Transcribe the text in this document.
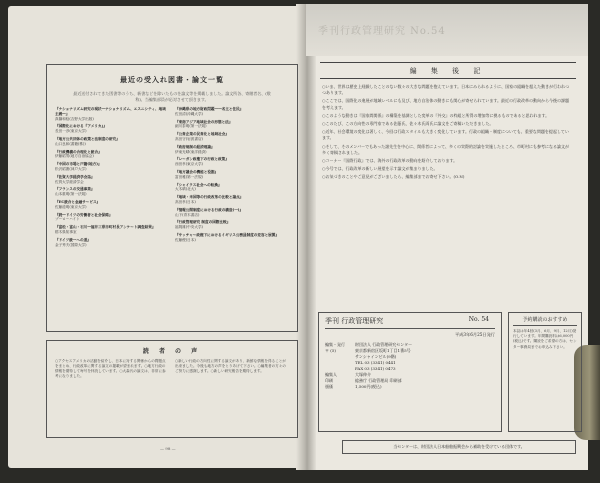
最近の受入れ図書・論文一覧
最近送付されてきた図書等のうち、新書などを除いたものを論文等を掲載しました。論文所各、寄贈者名、(敬称)、当編集部員が応対させて頂きます。
『ナショナリズム研究の現状―ナショナリズム、エスニシティ、地域主義―』
真鍋和稔(吉野大学出版)
『国際化における『アメリカ』』
長田一彦(東京大学)
『地方公共団体の政策と法制度の研究』
山口良和(書籍(株))
『行政機構の合理化と統合』
伊藤昭男(地方自治協会)
『中国の市場と戸籍(地方)』
松沢昭憲(神戸大学)
『佐賀大学経済学会誌』
佐賀大学経済学会
『フランスの交通事業』
山本重明(第一法規)
『EC統合と金融サービス』
佐藤道明(東京大学)
『続―ドイツの労働者と社会保障』
ブーローハイト
『富松・富山・石川―福井三県市町村長アンケート調査結果』
栃木県知事室
『ドイツ統一への道』
金子秀夫(国際大学)
『沖縄県の地方財政問題――名主と住民』
佐田清(沖縄大学)
『東南アジア地域社会の形態と法』
細川泰明(第一法規)
『公営企業の民営化と地域社会』
高田守(岩波書店)
『政府規制の経済理論』
伊東光晴(東洋経済)
『レーガン政権下の行政と政策』
西田孝(東京大学)
『地方議会の機能と役割』
富田雅(第一法規)
『シャイクス社会への転換』
大木晴(北大)
『地域・米国等の行政改革の比較と論点』
高田孝(日本)
『情報公開制度における行政の構造(一)』
山下(青木書店)
『行政管理研究 制度の国際比較』
福岡雄(中央大学)
『サッチャー政権下におけるイギリス公務員制度の変容と展開』
佐藤俊(日本)
読 者 の 声
○アクセスアメリカの活動を紹介し、日本に対する関係からの問題点をまとめ、行政改革に関する論文の掲載が望まれます。○地方行政の情報を期待して毎号を拝読しています。○大森氏の論文は、非常に参考になりました。
○新しい行政の方向性に関する論文があり、新鮮な情報を得ることが出来ました。今後も地方の声をとりあげて下さい。○編集者の方々のご努力に感謝します。○新しい研究報告を期待します。
— 98 —
季刊行政管理研究 No.54
編 集 後 記

○いま、世界は歴史上経験したことのない数々の大きな問題を抱えています。日本にみられるように、国家の組織を超えた動きが行われつつあります。

○ここでは、国際化の進展が地域レベルにも及び、地方自治体の動きにも関心が寄せられています。最近の行政改革の動向から今後の課題を考えます。

○このような動きは『国家間関係』の構築を基調とした変革の『外交』の枠組と所得の増加等に拠るものであると思われます。

○このたび、この方向性の専門家である佐藤氏、佐々木氏両氏に論文をご寄稿いただきました。

○近年、社会環境の変化は著しく、今回は行政スタイルも大きく変化しています。行政の組織・制度についても、重要な問題を提起しています。

○そして、そのメンバーでもあった諸先生を中心に、関係者によって、多くの実際的討論を実施したところ、市町村にも参考になる論文が多く寄稿されました。

○コーナー『国際行政』では、海外の行政改革の動向を紹介しております。

○今号では、行政改革の新しい展望を示す論文が集まりました。

○お気づきのことやご意見がございましたら、編集部までお寄せ下さい。(O.N)

季刊 行政管理研究	No. 54
平成3年6月25日発行
編集・発行	財団法人 行政管理研究センター
〒 (5)	東京都新宿区坂町1丁目1番5号
サンシャインビル(9階)
TEL 03 (3341) 0441
FAX 03 (3341) 0473
編集人	大塚伸介
印刷	総務庁 行政管理局 印刷部
頒価	1,500円(税込)
予約購読のおすすめ
本誌は年4回(3月、6月、9月、12月)発行しています。年間購読料は6,000円(税込)です。購読をご希望の方は、センター事務局までお申込み下さい。
当センターは、財団法人日本船舶振興会から補助を受けている団体です。
